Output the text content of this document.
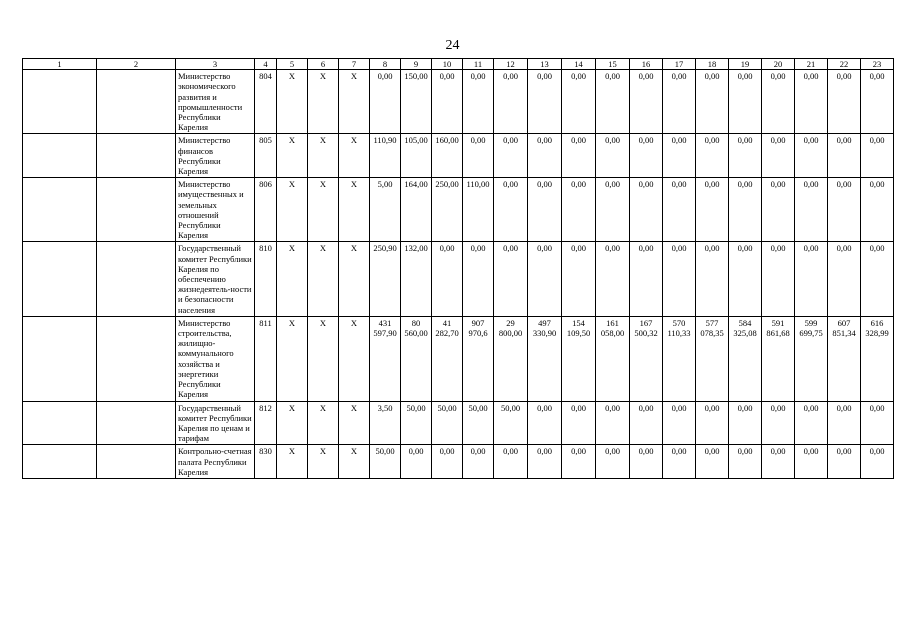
24
1	2	3	4	5	6	7	8	9	10	11	12	13	14	15	16	17	18	19	20	21	22	23
		Министерство экономического развития и промышленности Республики Карелия	804	X	X	X	0,00	150,00	0,00	0,00	0,00	0,00	0,00	0,00	0,00	0,00	0,00	0,00	0,00	0,00	0,00	0,00
		Министерство финансов Республики Карелия	805	X	X	X	110,90	105,00	160,00	0,00	0,00	0,00	0,00	0,00	0,00	0,00	0,00	0,00	0,00	0,00	0,00	0,00
		Министерство имущественных и земельных отношений Республики Карелия	806	X	X	X	5,00	164,00	250,00	110,00	0,00	0,00	0,00	0,00	0,00	0,00	0,00	0,00	0,00	0,00	0,00	0,00
		Государственный комитет Республики Карелия по обеспечению жизнедеятель-ности и безопасности населения	810	X	X	X	250,90	132,00	0,00	0,00	0,00	0,00	0,00	0,00	0,00	0,00	0,00	0,00	0,00	0,00	0,00	0,00
		Министерство строительства, жилищно-коммунального хозяйства и энергетики Республики Карелия	811	X	X	X	431 597,90	80 560,00	41 282,70	907 970,6	29 800,00	497 330,90	154 109,50	161 058,00	167 500,32	570 110,33	577 078,35	584 325,08	591 861,68	599 699,75	607 851,34	616 328,99
		Государственный комитет Республики Карелия по ценам и тарифам	812	X	X	X	3,50	50,00	50,00	50,00	50,00	0,00	0,00	0,00	0,00	0,00	0,00	0,00	0,00	0,00	0,00	0,00
		Контрольно-счетная палата Республики Карелия	830	X	X	X	50,00	0,00	0,00	0,00	0,00	0,00	0,00	0,00	0,00	0,00	0,00	0,00	0,00	0,00	0,00	0,00
